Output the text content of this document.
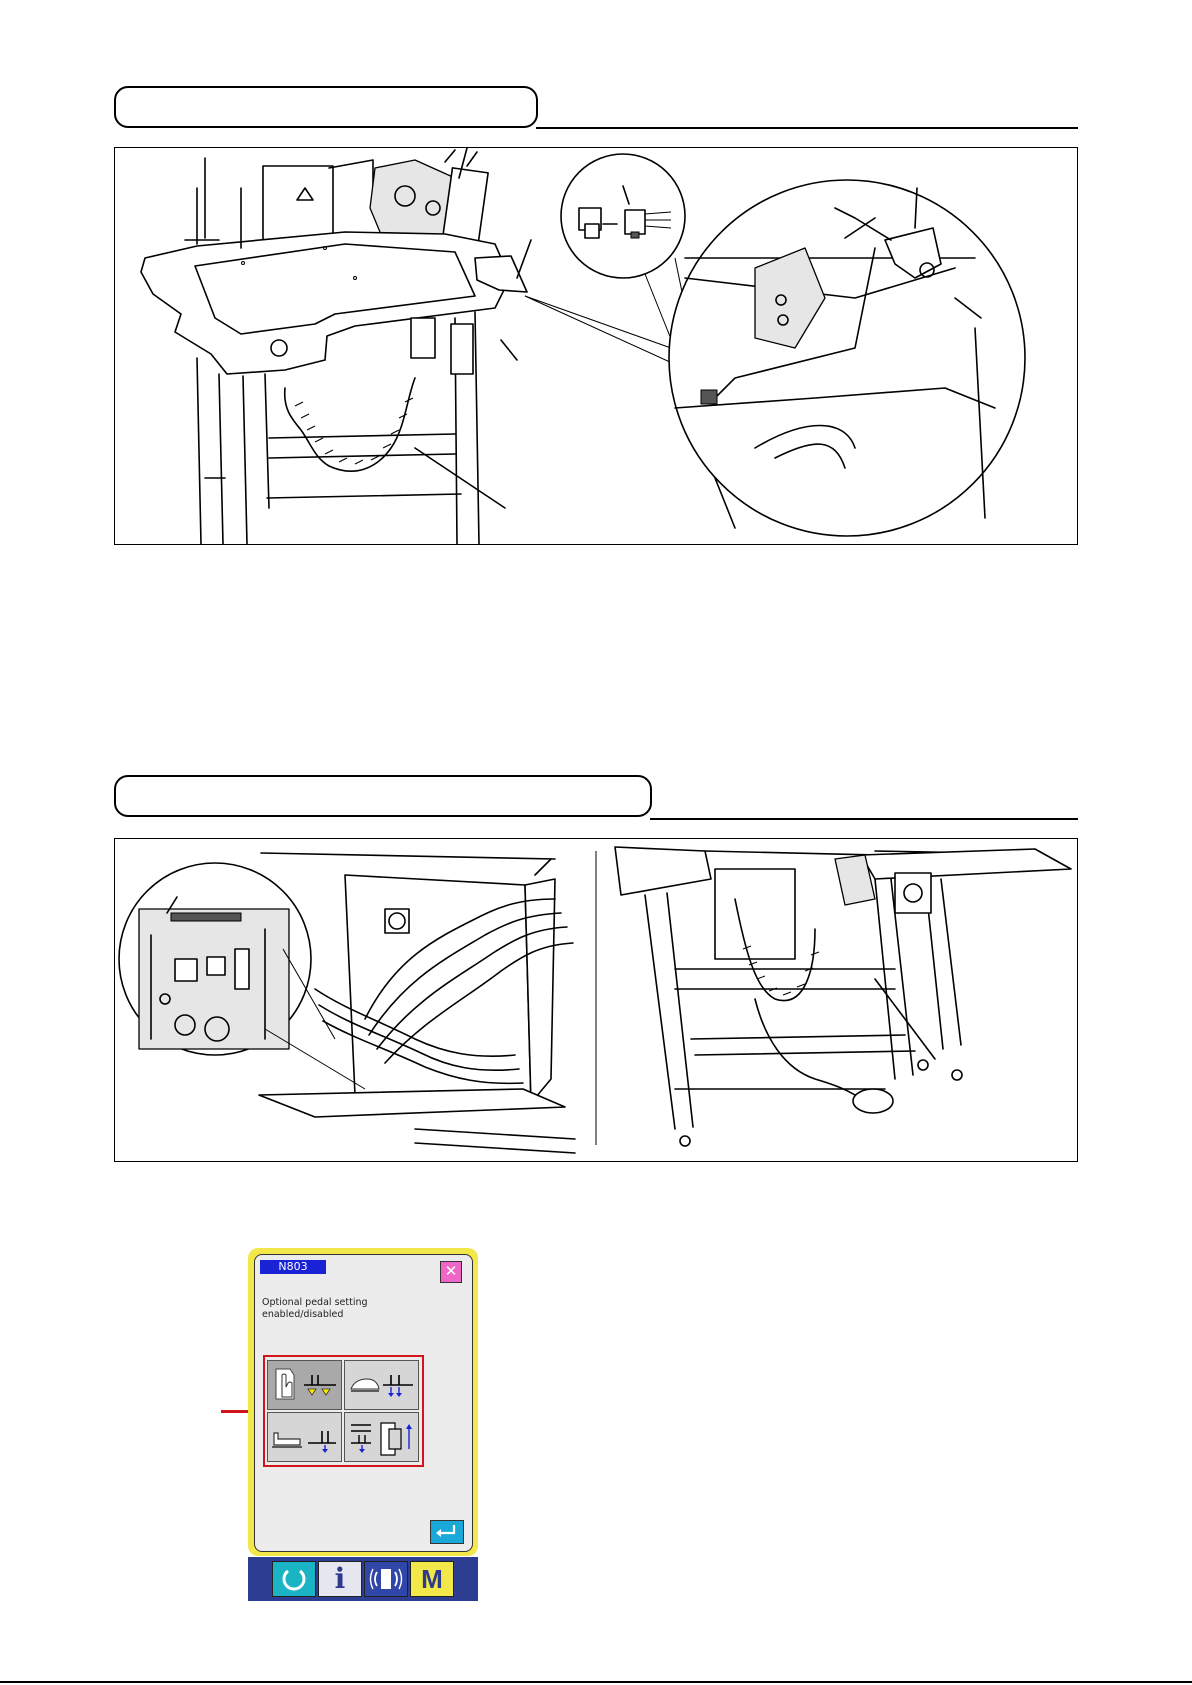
N803	✕
Optional pedal setting
enabled/disabled
i	M
